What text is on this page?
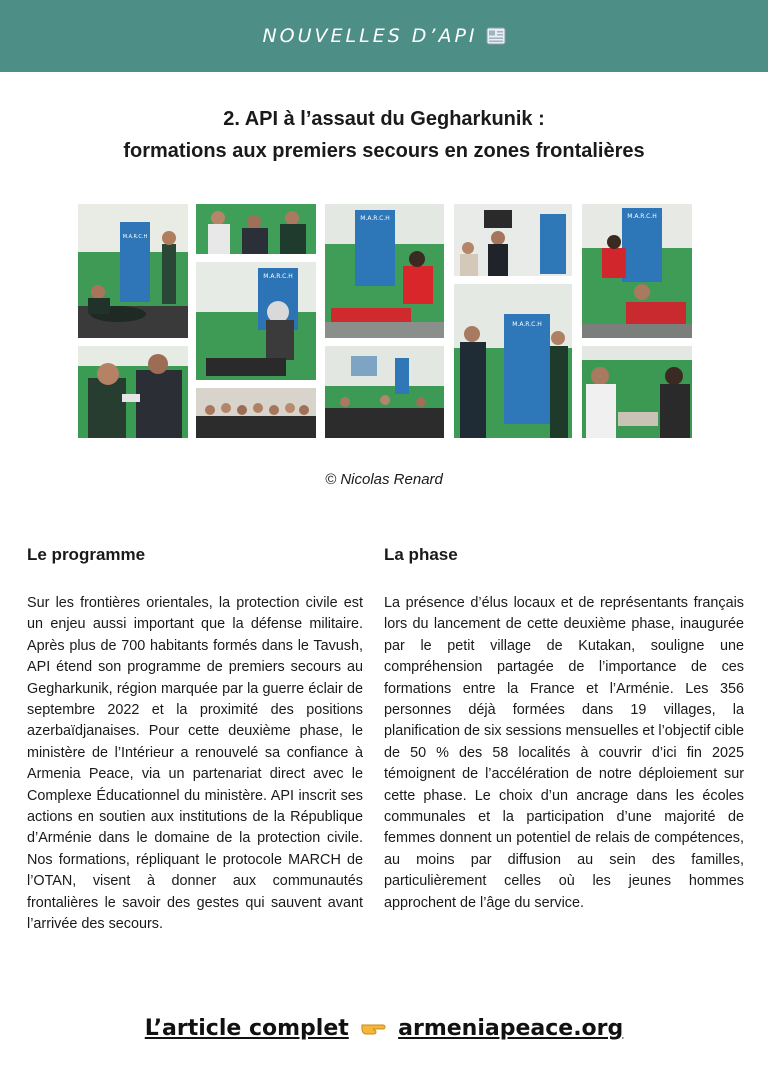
NOUVELLES D’API
2. API à l’assaut du Gegharkunik :
formations aux premiers secours en zones frontalières
M.A.R.C.H
M.A.R.C.H
M.A.R.C.H
M.A.R.C.H
M.A.R.C.H
© Nicolas Renard
Le programme

Sur les frontières orientales, la protection civile est un enjeu aussi important que la défense militaire. Après plus de 700 habitants formés dans le Tavush, API étend son programme de premiers secours au Gegharkunik, région marquée par la guerre éclair de septembre 2022 et la proximité des positions azerbaïdjanaises. Pour cette deuxième phase, le ministère de l’Intérieur a renouvelé sa confiance à Armenia Peace, via un partenariat direct avec le Complexe Éducationnel du ministère. API inscrit ses actions en soutien aux institutions de la République d’Arménie dans le domaine de la protection civile. Nos formations, répliquant le protocole MARCH de l’OTAN, visent à donner aux communautés frontalières le savoir des gestes qui sauvent avant l’arrivée des secours.

La phase

La présence d’élus locaux et de représentants français lors du lancement de cette deuxième phase, inaugurée par le petit village de Kutakan, souligne une compréhension partagée de l’importance de ces formations entre la France et l’Arménie. Les 356 personnes déjà formées dans 19 villages, la planification de six sessions mensuelles et l’objectif cible de 50 % des 58 localités à couvrir d’ici fin 2025 témoignent de l’accélération de notre déploiement sur cette phase. Le choix d’un ancrage dans les écoles communales et la participation d’une majorité de femmes donnent un potentiel de relais de compétences, au moins par diffusion au sein des familles, particulièrement celles où les jeunes hommes approchent de l’âge du service.

L’article complet armeniapeace.org
